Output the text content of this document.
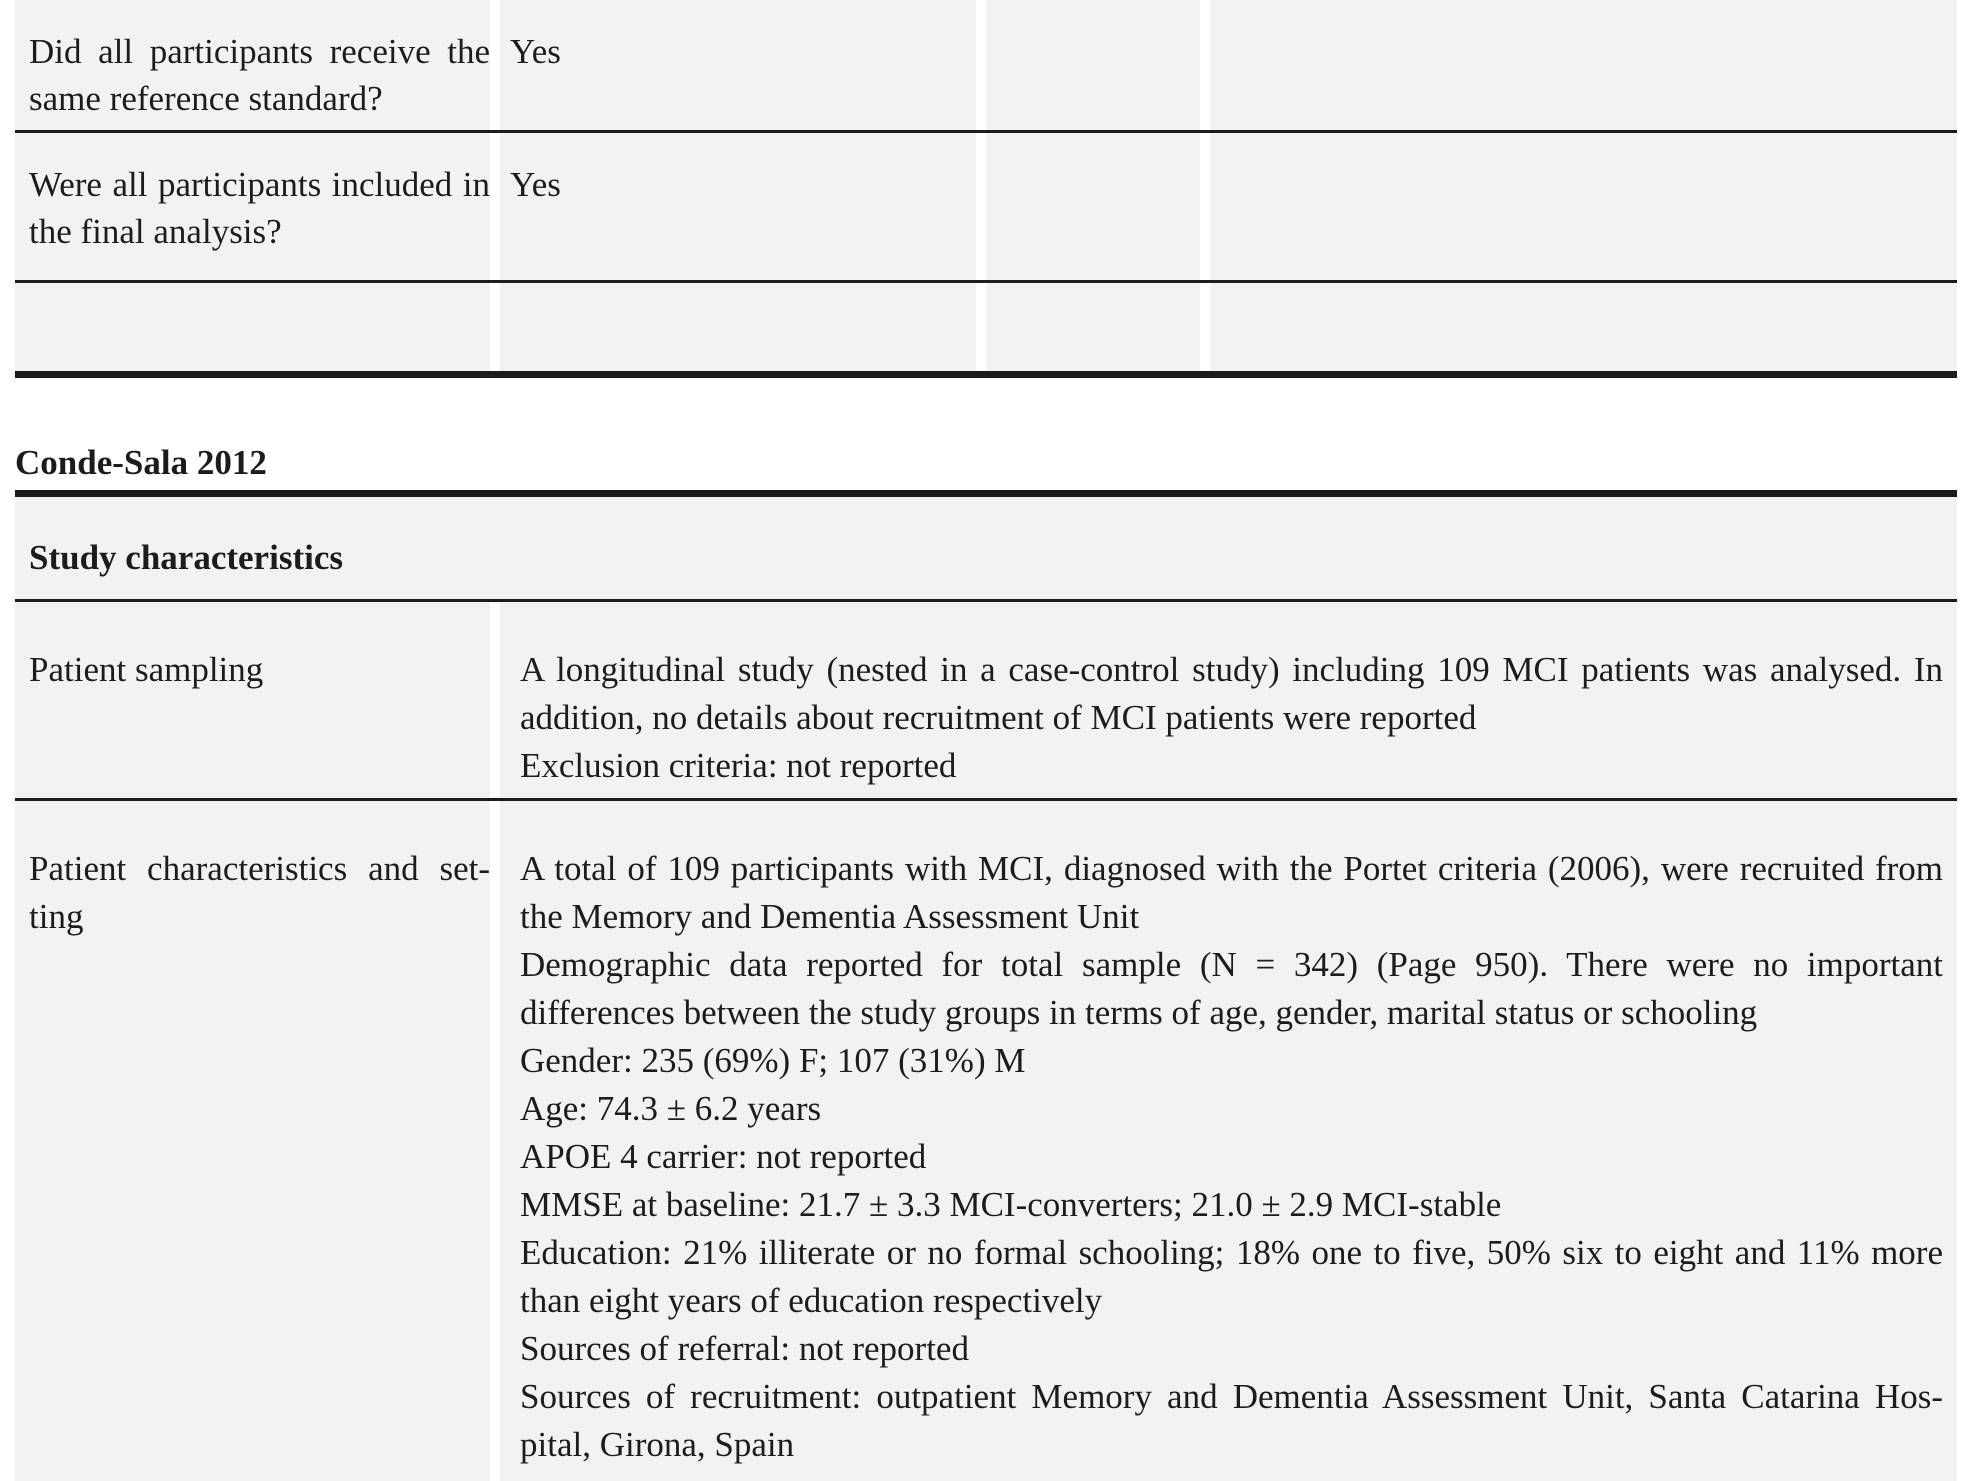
Did all participants receive the same reference standard?
Yes
Were all participants included in the final analysis?
Yes
Conde-Sala 2012
Study characteristics
Patient sampling	A longitudinal study (nested in a case-control study) including 109 MCI patients was analysed. In addition, no details about recruitment of MCI patients were reported

Exclusion criteria: not reported

Patient characteristics and set-ting

A total of 109 participants with MCI, diagnosed with the Portet criteria (2006), were recruited from the Memory and Dementia Assessment Unit

Demographic data reported for total sample (N = 342) (Page 950). There were no important differences between the study groups in terms of age, gender, marital status or schooling

Gender: 235 (69%) F; 107 (31%) M

Age: 74.3 ± 6.2 years

APOE 4 carrier: not reported

MMSE at baseline: 21.7 ± 3.3 MCI-converters; 21.0 ± 2.9 MCI-stable

Education: 21% illiterate or no formal schooling; 18% one to five, 50% six to eight and 11% more than eight years of education respectively

Sources of referral: not reported

Sources of recruitment: outpatient Memory and Dementia Assessment Unit, Santa Catarina Hos-pital, Girona, Spain
